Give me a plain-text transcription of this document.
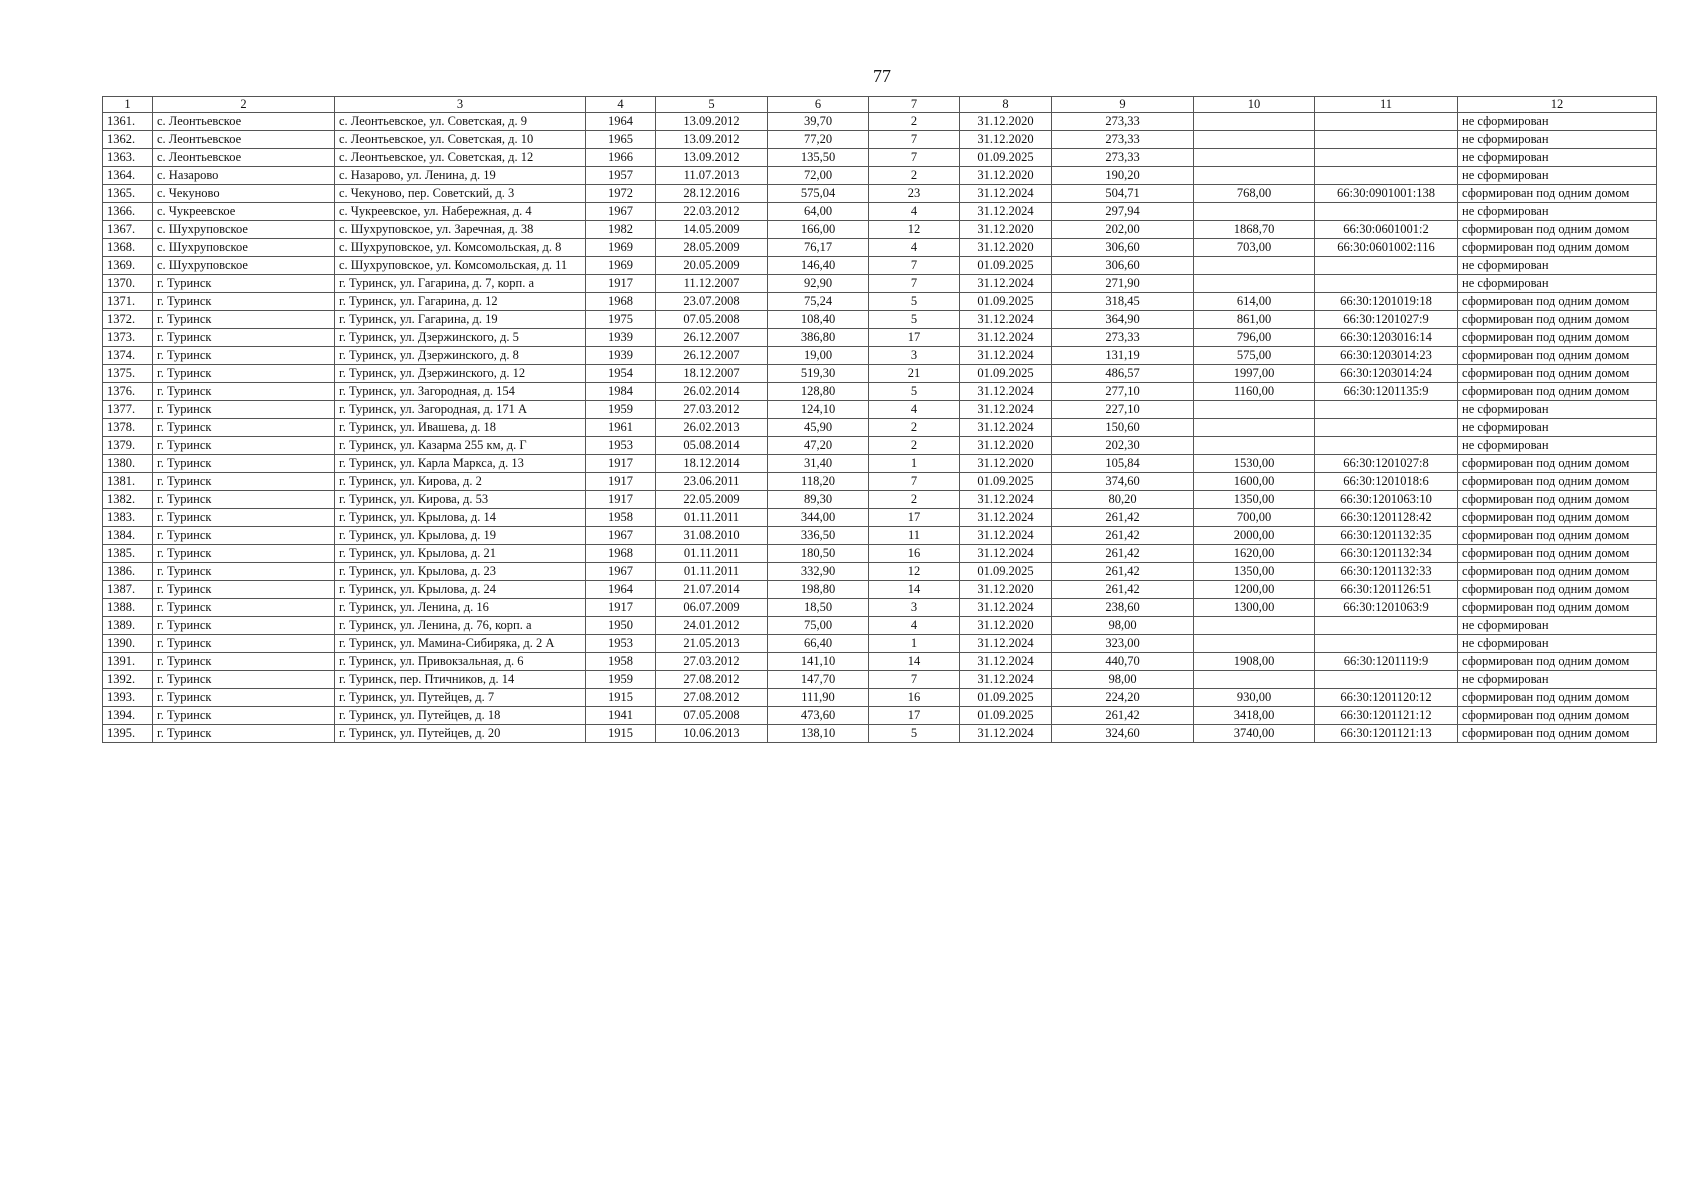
77
1	2	3	4	5	6	7	8	9	10	11	12
1361.	с. Леонтьевское	с. Леонтьевское, ул. Советская, д. 9	1964	13.09.2012	39,70	2	31.12.2020	273,33			не сформирован
1362.	с. Леонтьевское	с. Леонтьевское, ул. Советская, д. 10	1965	13.09.2012	77,20	7	31.12.2020	273,33			не сформирован
1363.	с. Леонтьевское	с. Леонтьевское, ул. Советская, д. 12	1966	13.09.2012	135,50	7	01.09.2025	273,33			не сформирован
1364.	с. Назарово	с. Назарово, ул. Ленина, д. 19	1957	11.07.2013	72,00	2	31.12.2020	190,20			не сформирован
1365.	с. Чекуново	с. Чекуново, пер. Советский, д. 3	1972	28.12.2016	575,04	23	31.12.2024	504,71	768,00	66:30:0901001:138	сформирован под одним домом
1366.	с. Чукреевское	с. Чукреевское, ул. Набережная, д. 4	1967	22.03.2012	64,00	4	31.12.2024	297,94			не сформирован
1367.	с. Шухруповское	с. Шухруповское, ул. Заречная, д. 38	1982	14.05.2009	166,00	12	31.12.2020	202,00	1868,70	66:30:0601001:2	сформирован под одним домом
1368.	с. Шухруповское	с. Шухруповское, ул. Комсомольская, д. 8	1969	28.05.2009	76,17	4	31.12.2020	306,60	703,00	66:30:0601002:116	сформирован под одним домом
1369.	с. Шухруповское	с. Шухруповское, ул. Комсомольская, д. 11	1969	20.05.2009	146,40	7	01.09.2025	306,60			не сформирован
1370.	г. Туринск	г. Туринск, ул. Гагарина, д. 7, корп. а	1917	11.12.2007	92,90	7	31.12.2024	271,90			не сформирован
1371.	г. Туринск	г. Туринск, ул. Гагарина, д. 12	1968	23.07.2008	75,24	5	01.09.2025	318,45	614,00	66:30:1201019:18	сформирован под одним домом
1372.	г. Туринск	г. Туринск, ул. Гагарина, д. 19	1975	07.05.2008	108,40	5	31.12.2024	364,90	861,00	66:30:1201027:9	сформирован под одним домом
1373.	г. Туринск	г. Туринск, ул. Дзержинского, д. 5	1939	26.12.2007	386,80	17	31.12.2024	273,33	796,00	66:30:1203016:14	сформирован под одним домом
1374.	г. Туринск	г. Туринск, ул. Дзержинского, д. 8	1939	26.12.2007	19,00	3	31.12.2024	131,19	575,00	66:30:1203014:23	сформирован под одним домом
1375.	г. Туринск	г. Туринск, ул. Дзержинского, д. 12	1954	18.12.2007	519,30	21	01.09.2025	486,57	1997,00	66:30:1203014:24	сформирован под одним домом
1376.	г. Туринск	г. Туринск, ул. Загородная, д. 154	1984	26.02.2014	128,80	5	31.12.2024	277,10	1160,00	66:30:1201135:9	сформирован под одним домом
1377.	г. Туринск	г. Туринск, ул. Загородная, д. 171 А	1959	27.03.2012	124,10	4	31.12.2024	227,10			не сформирован
1378.	г. Туринск	г. Туринск, ул. Ивашева, д. 18	1961	26.02.2013	45,90	2	31.12.2024	150,60			не сформирован
1379.	г. Туринск	г. Туринск, ул. Казарма 255 км, д. Г	1953	05.08.2014	47,20	2	31.12.2020	202,30			не сформирован
1380.	г. Туринск	г. Туринск, ул. Карла Маркса, д. 13	1917	18.12.2014	31,40	1	31.12.2020	105,84	1530,00	66:30:1201027:8	сформирован под одним домом
1381.	г. Туринск	г. Туринск, ул. Кирова, д. 2	1917	23.06.2011	118,20	7	01.09.2025	374,60	1600,00	66:30:1201018:6	сформирован под одним домом
1382.	г. Туринск	г. Туринск, ул. Кирова, д. 53	1917	22.05.2009	89,30	2	31.12.2024	80,20	1350,00	66:30:1201063:10	сформирован под одним домом
1383.	г. Туринск	г. Туринск, ул. Крылова, д. 14	1958	01.11.2011	344,00	17	31.12.2024	261,42	700,00	66:30:1201128:42	сформирован под одним домом
1384.	г. Туринск	г. Туринск, ул. Крылова, д. 19	1967	31.08.2010	336,50	11	31.12.2024	261,42	2000,00	66:30:1201132:35	сформирован под одним домом
1385.	г. Туринск	г. Туринск, ул. Крылова, д. 21	1968	01.11.2011	180,50	16	31.12.2024	261,42	1620,00	66:30:1201132:34	сформирован под одним домом
1386.	г. Туринск	г. Туринск, ул. Крылова, д. 23	1967	01.11.2011	332,90	12	01.09.2025	261,42	1350,00	66:30:1201132:33	сформирован под одним домом
1387.	г. Туринск	г. Туринск, ул. Крылова, д. 24	1964	21.07.2014	198,80	14	31.12.2020	261,42	1200,00	66:30:1201126:51	сформирован под одним домом
1388.	г. Туринск	г. Туринск, ул. Ленина, д. 16	1917	06.07.2009	18,50	3	31.12.2024	238,60	1300,00	66:30:1201063:9	сформирован под одним домом
1389.	г. Туринск	г. Туринск, ул. Ленина, д. 76, корп. а	1950	24.01.2012	75,00	4	31.12.2020	98,00			не сформирован
1390.	г. Туринск	г. Туринск, ул. Мамина-Сибиряка, д. 2 А	1953	21.05.2013	66,40	1	31.12.2024	323,00			не сформирован
1391.	г. Туринск	г. Туринск, ул. Привокзальная, д. 6	1958	27.03.2012	141,10	14	31.12.2024	440,70	1908,00	66:30:1201119:9	сформирован под одним домом
1392.	г. Туринск	г. Туринск, пер. Птичников, д. 14	1959	27.08.2012	147,70	7	31.12.2024	98,00			не сформирован
1393.	г. Туринск	г. Туринск, ул. Путейцев, д. 7	1915	27.08.2012	111,90	16	01.09.2025	224,20	930,00	66:30:1201120:12	сформирован под одним домом
1394.	г. Туринск	г. Туринск, ул. Путейцев, д. 18	1941	07.05.2008	473,60	17	01.09.2025	261,42	3418,00	66:30:1201121:12	сформирован под одним домом
1395.	г. Туринск	г. Туринск, ул. Путейцев, д. 20	1915	10.06.2013	138,10	5	31.12.2024	324,60	3740,00	66:30:1201121:13	сформирован под одним домом
